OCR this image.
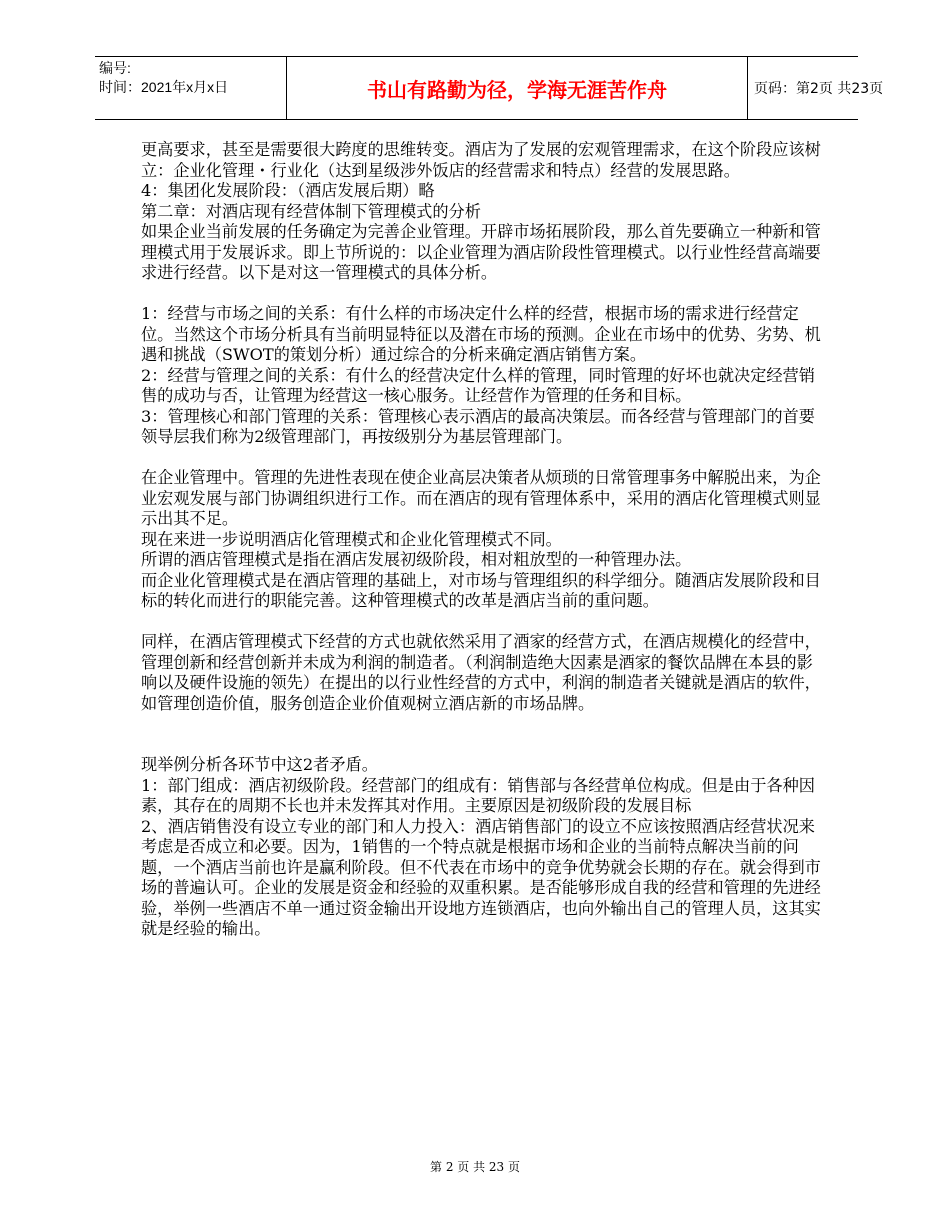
编号:
时间：2021年x月x日	书山有路勤为径，学海无涯苦作舟	页码：第2页 共23页

更高要求，甚至是需要很大跨度的思维转变。酒店为了发展的宏观管理需求，在这个阶段应该树立：企业化管理・行业化（达到星级涉外饭店的经营需求和特点）经营的发展思路。

4：集团化发展阶段：（酒店发展后期）略

第二章：对酒店现有经营体制下管理模式的分析

如果企业当前发展的任务确定为完善企业管理。开辟市场拓展阶段，那么首先要确立一种新和管理模式用于发展诉求。即上节所说的：以企业管理为酒店阶段性管理模式。以行业性经营高端要求进行经营。以下是对这一管理模式的具体分析。

1：经营与市场之间的关系：有什么样的市场决定什么样的经营，根据市场的需求进行经营定位。当然这个市场分析具有当前明显特征以及潜在市场的预测。企业在市场中的优势、劣势、机遇和挑战（SWOT的策划分析）通过综合的分析来确定酒店销售方案。

2：经营与管理之间的关系：有什么的经营决定什么样的管理，同时管理的好坏也就决定经营销售的成功与否，让管理为经营这一核心服务。让经营作为管理的任务和目标。

3：管理核心和部门管理的关系：管理核心表示酒店的最高决策层。而各经营与管理部门的首要领导层我们称为2级管理部门，再按级别分为基层管理部门。

在企业管理中。管理的先进性表现在使企业高层决策者从烦琐的日常管理事务中解脱出来，为企业宏观发展与部门协调组织进行工作。而在酒店的现有管理体系中，采用的酒店化管理模式则显示出其不足。

现在来进一步说明酒店化管理模式和企业化管理模式不同。

所谓的酒店管理模式是指在酒店发展初级阶段，相对粗放型的一种管理办法。

而企业化管理模式是在酒店管理的基础上，对市场与管理组织的科学细分。随酒店发展阶段和目标的转化而进行的职能完善。这种管理模式的改革是酒店当前的重问题。

同样，在酒店管理模式下经营的方式也就依然采用了酒家的经营方式，在酒店规模化的经营中，管理创新和经营创新并未成为利润的制造者。（利润制造绝大因素是酒家的餐饮品牌在本县的影响以及硬件设施的领先）在提出的以行业性经营的方式中，利润的制造者关键就是酒店的软件，如管理创造价值，服务创造企业价值观树立酒店新的市场品牌。

现举例分析各环节中这2者矛盾。

1：部门组成：酒店初级阶段。经营部门的组成有：销售部与各经营单位构成。但是由于各种因素，其存在的周期不长也并未发挥其对作用。主要原因是初级阶段的发展目标

2、酒店销售没有设立专业的部门和人力投入：酒店销售部门的设立不应该按照酒店经营状况来考虑是否成立和必要。因为，1销售的一个特点就是根据市场和企业的当前特点解决当前的问题，一个酒店当前也许是赢利阶段。但不代表在市场中的竞争优势就会长期的存在。就会得到市场的普遍认可。企业的发展是资金和经验的双重积累。是否能够形成自我的经营和管理的先进经验，举例一些酒店不单一通过资金输出开设地方连锁酒店，也向外输出自己的管理人员，这其实就是经验的输出。

第 2 页 共 23 页
